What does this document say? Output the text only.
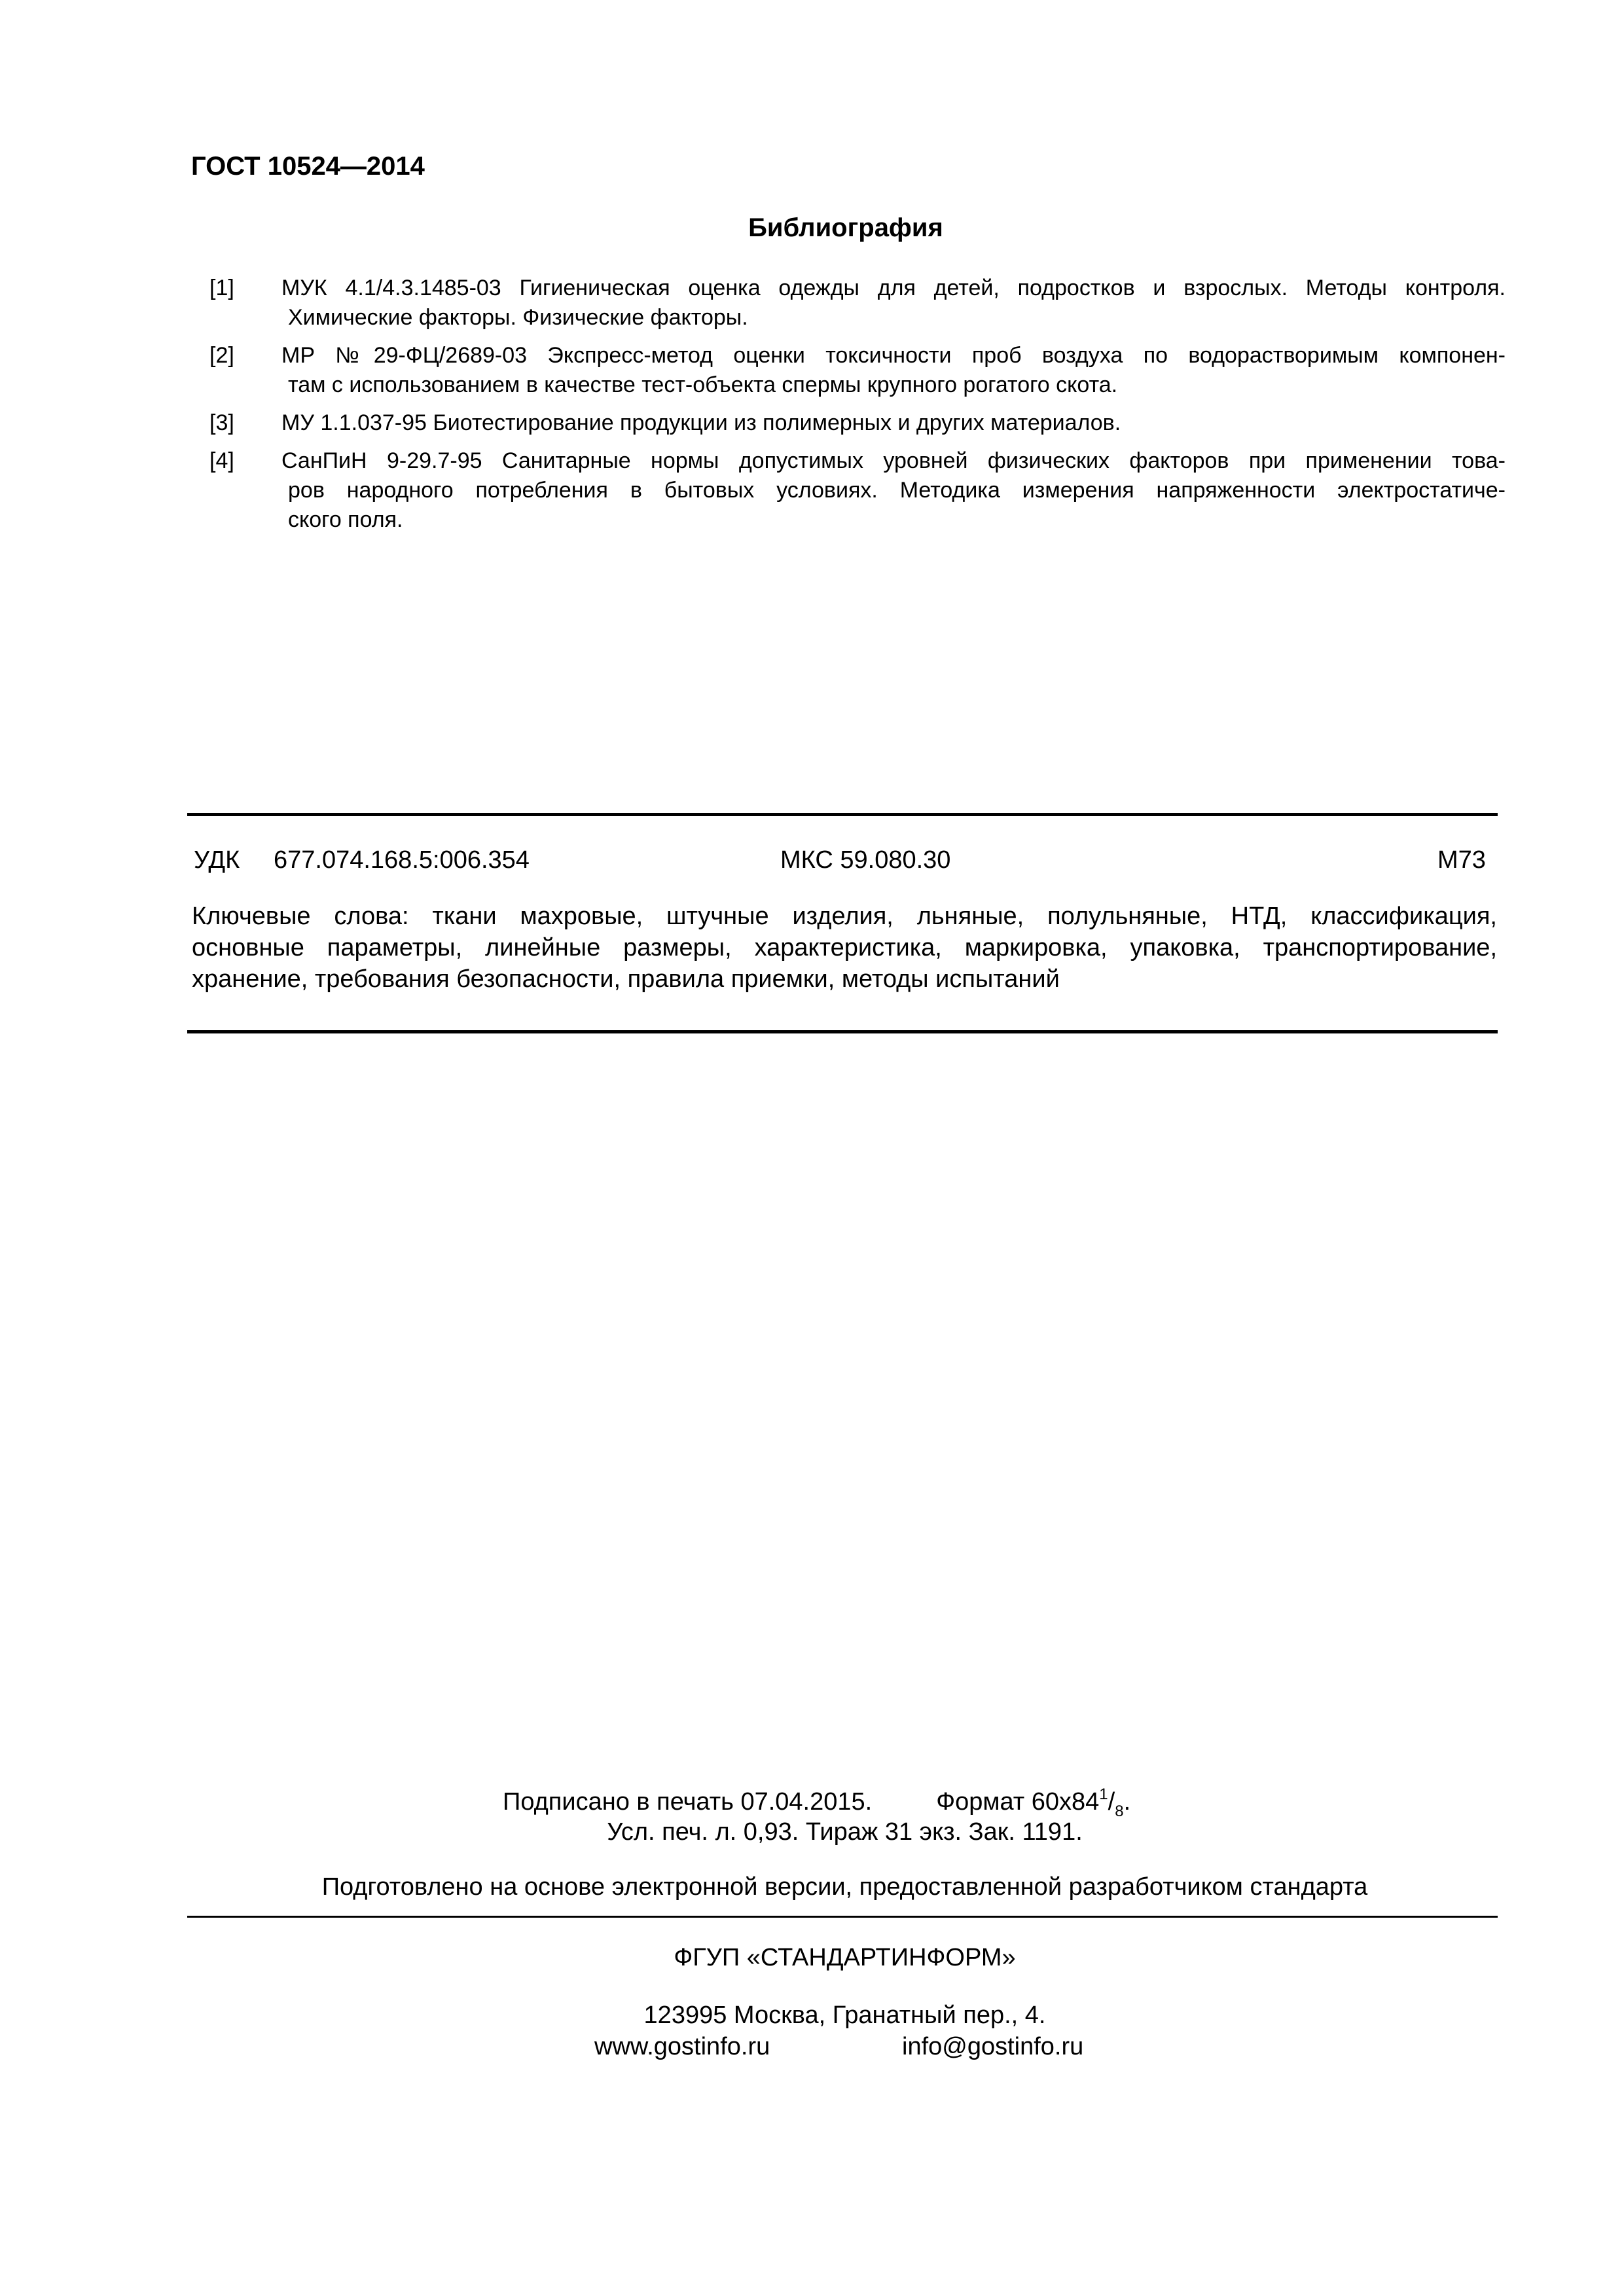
ГОСТ 10524—2014
Библиография
[1]	МУК 4.1/4.3.1485-03 Гигиеническая оценка одежды для детей, подростков и взрослых. Методы контроля.
Химические факторы. Физические факторы.
[2]	МР №29-ФЦ/2689-03 Экспресс-метод оценки токсичности проб воздуха по водорастворимым компонен-
там с использованием в качестве тест-объекта спермы крупного рогатого скота.
[3]	МУ 1.1.037-95 Биотестирование продукции из полимерных и других материалов.
[4]	СанПиН 9-29.7-95 Санитарные нормы допустимых уровней физических факторов при применении това-
ров народного потребления в бытовых условиях. Методика измерения напряженности электростатиче-
ского поля.
УДК 677.074.168.5:006.354	МКС 59.080.30	М73
Ключевые слова: ткани махровые, штучные изделия, льняные, полульняные, НТД, классификация,
основные параметры, линейные размеры, характеристика, маркировка, упаковка, транспортирование,
хранение, требования безопасности, правила приемки, методы испытаний
Подписано в печать 07.04.2015.	Формат $60x84^1/_8$.
Усл. печ. л. 0,93. Тираж 31 экз. Зак. 1191.
Подготовлено на основе электронной версии, предоставленной разработчиком стандарта
ФГУП «СТАНДАРТИНФОРМ»
123995 Москва, Гранатный пер., 4.
www.gostinfo.ru	info@gostinfo.ru
